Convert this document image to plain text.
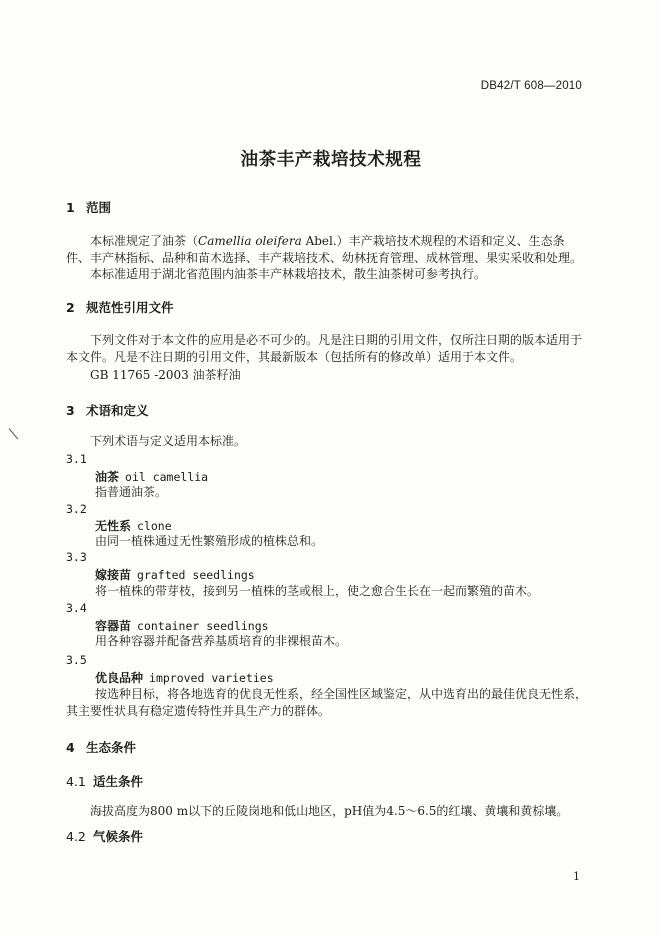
DB42/T 608—2010
油茶丰产栽培技术规程
1 范围
本标准规定了油茶（Camellia oleifera Abel.）丰产栽培技术规程的术语和定义、生态条件、丰产林指标、品种和苗木选择、丰产栽培技术、幼林抚育管理、成林管理、果实采收和处理。
本标准适用于湖北省范围内油茶丰产林栽培技术，散生油茶树可参考执行。
2 规范性引用文件
下列文件对于本文件的应用是必不可少的。凡是注日期的引用文件，仅所注日期的版本适用于本文件。凡是不注日期的引用文件，其最新版本（包括所有的修改单）适用于本文件。
GB 11765 -2003 油茶籽油
3 术语和定义
下列术语与定义适用本标准。
3.1
油茶 oil camellia
指普通油茶。
3.2
无性系 clone
由同一植株通过无性繁殖形成的植株总和。
3.3
嫁接苗 grafted seedlings
将一植株的带芽枝，接到另一植株的茎或根上，使之愈合生长在一起而繁殖的苗木。
3.4
容器苗 container seedlings
用各种容器并配备营养基质培育的非裸根苗木。
3.5
优良品种 improved varieties
按选种目标，将各地选育的优良无性系，经全国性区域鉴定，从中选育出的最佳优良无性系，其主要性状具有稳定遗传特性并具生产力的群体。
4 生态条件
4.1 适生条件
海拔高度为800 m以下的丘陵岗地和低山地区，pH值为4.5～6.5的红壤、黄壤和黄棕壤。
4.2 气候条件
1
